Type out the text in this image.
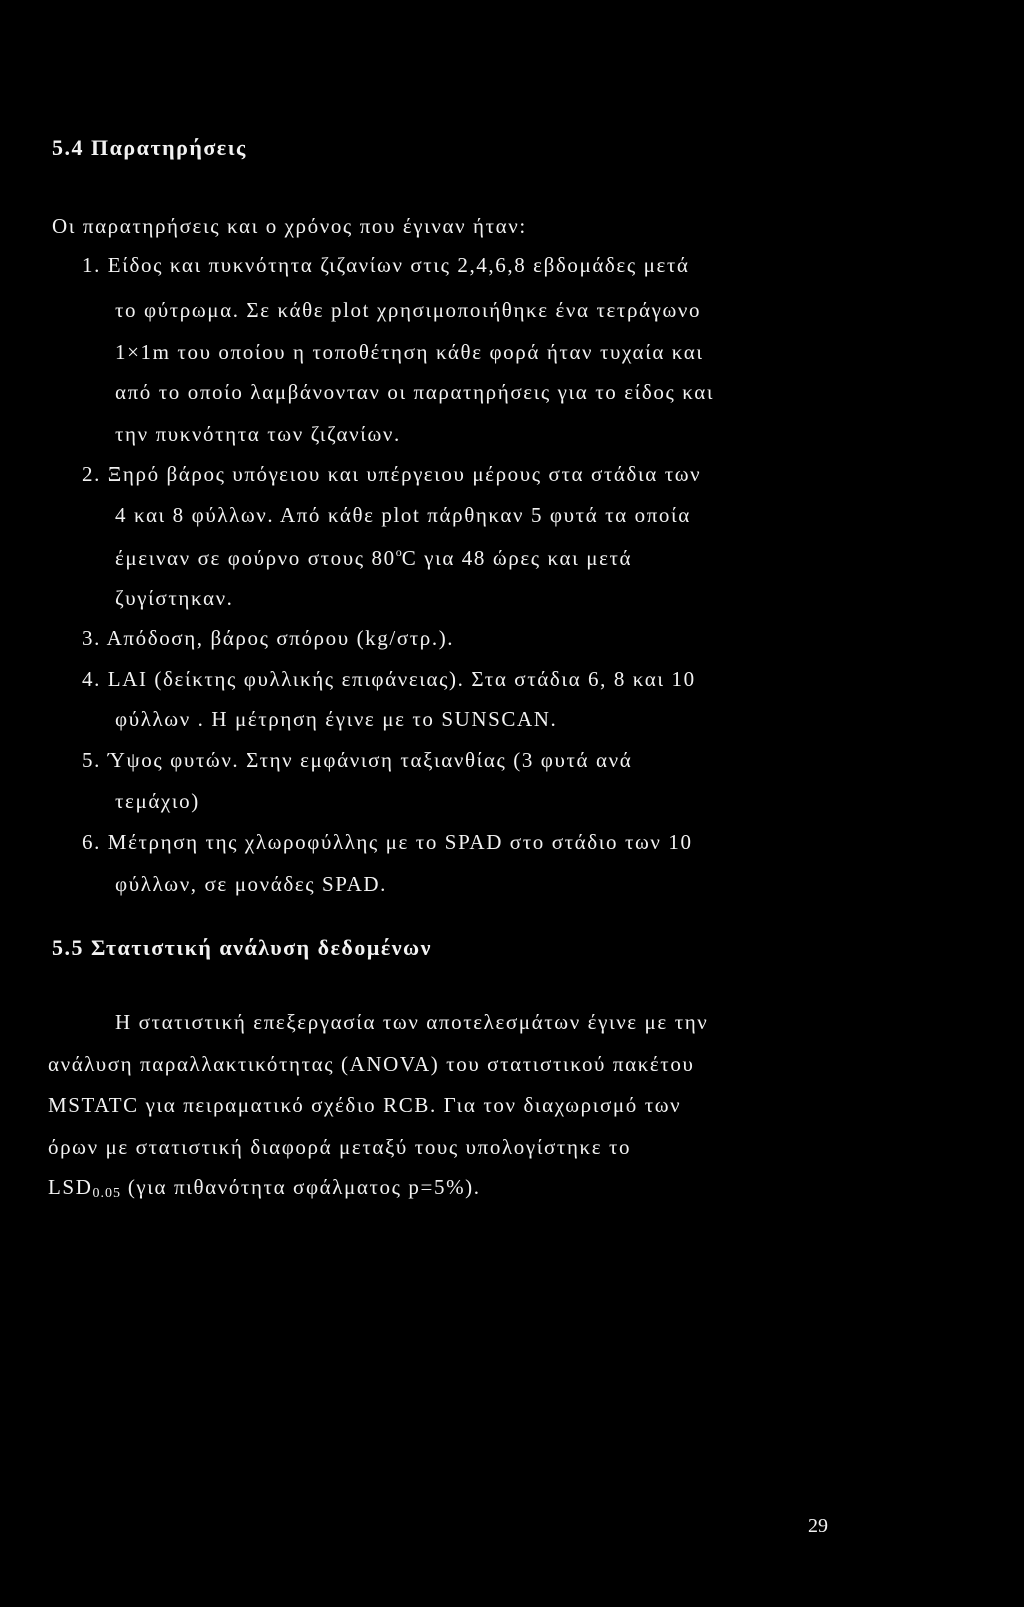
5.4 Παρατηρήσεις
Οι παρατηρήσεις και ο χρόνος που έγιναν ήταν:
1. Είδος και πυκνότητα ζιζανίων στις 2,4,6,8 εβδομάδες μετά
το φύτρωμα. Σε κάθε plot χρησιμοποιήθηκε ένα τετράγωνο
1×1m του οποίου η τοποθέτηση κάθε φορά ήταν τυχαία και
από το οποίο λαμβάνονταν οι παρατηρήσεις για το είδος και
την πυκνότητα των ζιζανίων.
2. Ξηρό βάρος υπόγειου και υπέργειου μέρους στα στάδια των
4 και 8 φύλλων. Από κάθε plot πάρθηκαν 5 φυτά τα οποία
έμειναν σε φούρνο στους 80$^o$C για 48 ώρες και μετά
ζυγίστηκαν.
3. Απόδοση, βάρος σπόρου (kg/στρ.).
4. LAI (δείκτης φυλλικής επιφάνειας). Στα στάδια 6, 8 και 10
φύλλων . Η μέτρηση έγινε με το SUNSCAN.
5. Ύψος φυτών. Στην εμφάνιση ταξιανθίας (3 φυτά ανά
τεμάχιο)
6. Μέτρηση της χλωροφύλλης με το SPAD στο στάδιο των 10
φύλλων, σε μονάδες SPAD.
5.5 Στατιστική ανάλυση δεδομένων
Η στατιστική επεξεργασία των αποτελεσμάτων έγινε με την
ανάλυση παραλλακτικότητας (ANOVA) του στατιστικού πακέτου
MSTATC για πειραματικό σχέδιο RCB. Για τον διαχωρισμό των
όρων με στατιστική διαφορά μεταξύ τους υπολογίστηκε το
$LSD_{0.05}$ (για πιθανότητα σφάλματος p=5%).
29
